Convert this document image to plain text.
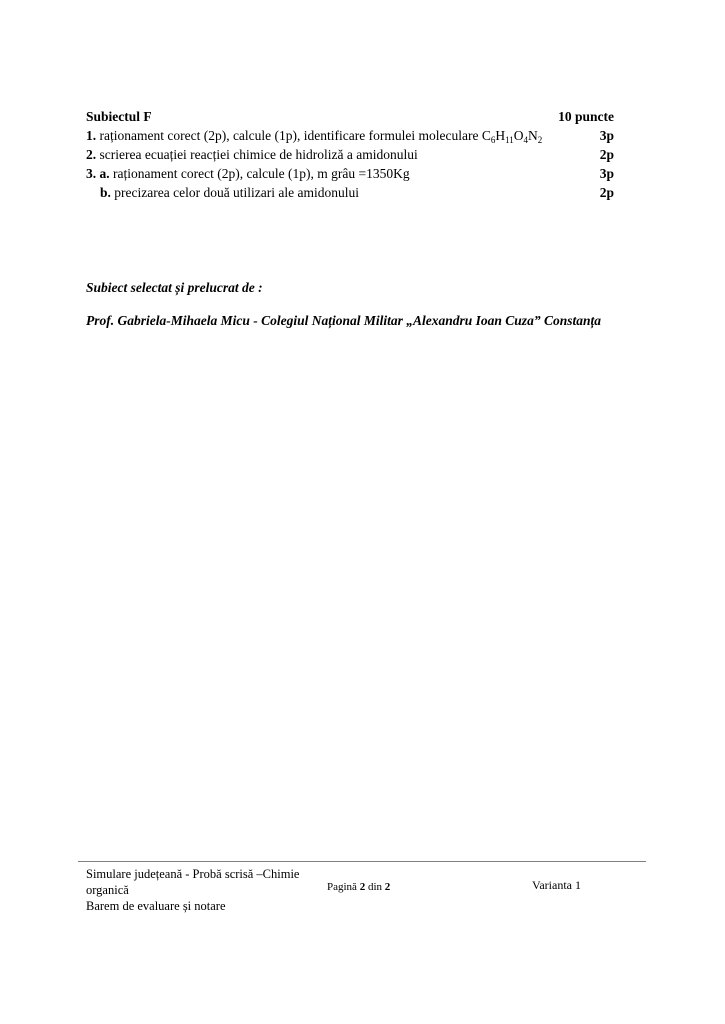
Subiectul F	10 puncte
1. raționament corect (2p), calcule (1p), identificare formulei moleculare $C_6H_{11}O_4N_2$	3p
2. scrierea ecuației reacției chimice de hidroliză a amidonului	2p
3. a. raționament corect (2p), calcule (1p), m grâu =1350Kg	3p
b. precizarea celor două utilizari ale amidonului	2p
Subiect selectat și prelucrat de :
Prof. Gabriela-Mihaela Micu - Colegiul Național Militar „Alexandru Ioan Cuza” Constanța
Simulare județeană - Probă scrisă –Chimie
organică
Barem de evaluare și notare
Pagină 2 din 2	Varianta 1
